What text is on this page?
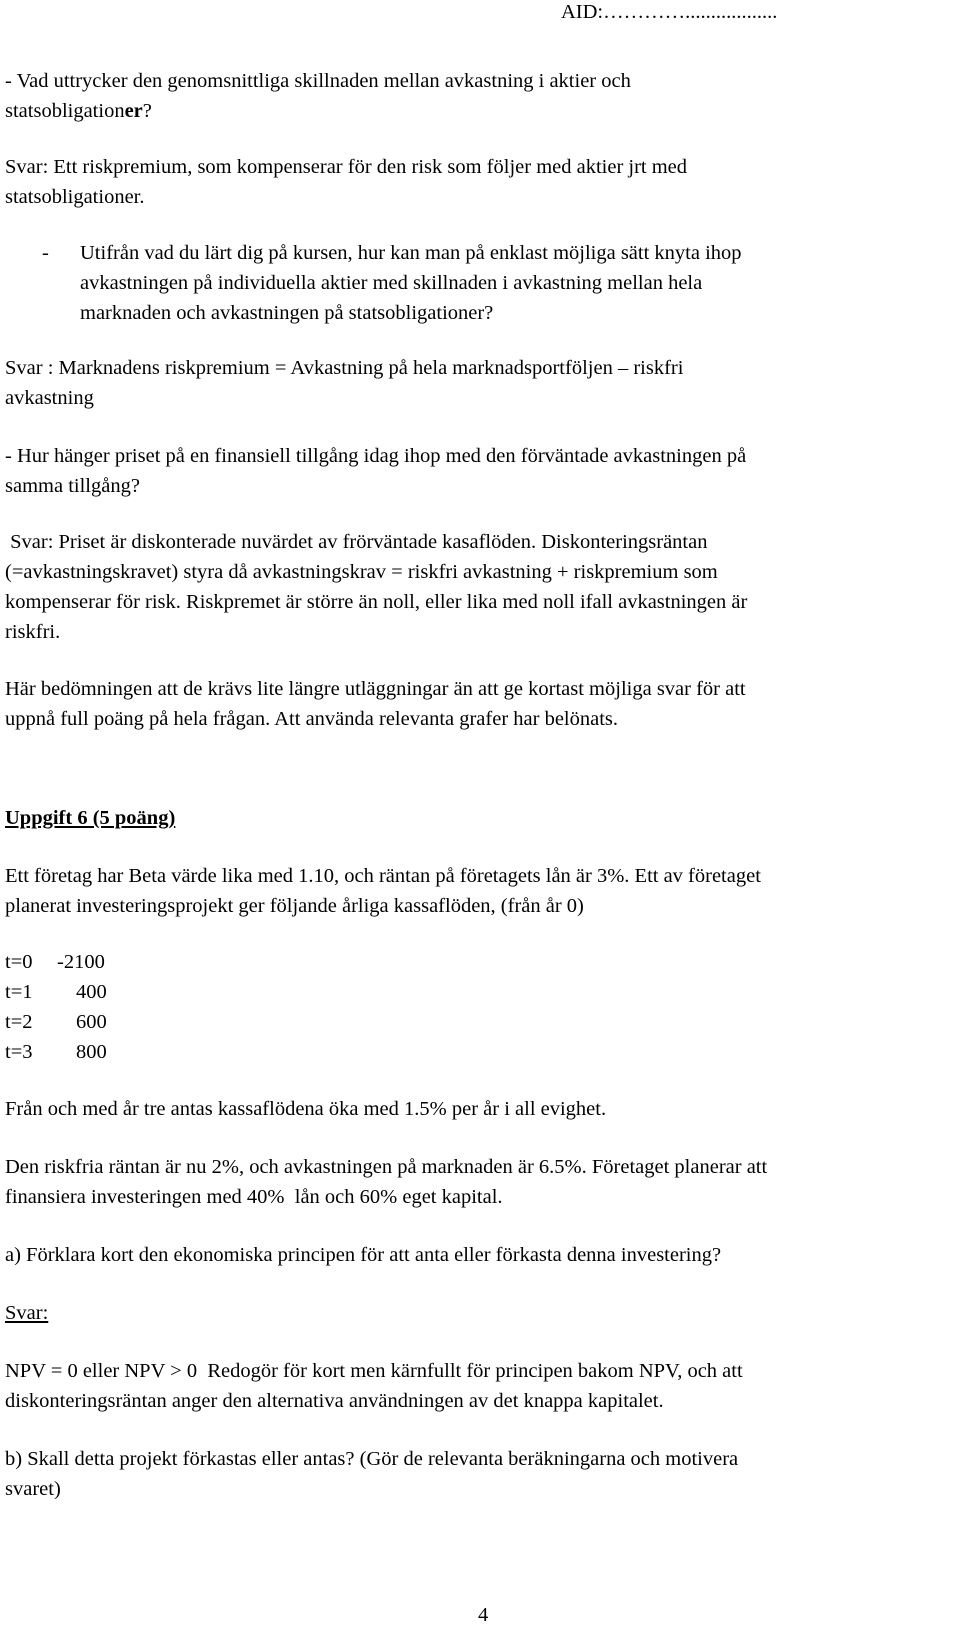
AID:…………..................
- Vad uttrycker den genomsnittliga skillnaden mellan avkastning i aktier och
statsobligationer?
Svar: Ett riskpremium, som kompenserar för den risk som följer med aktier jrt med
statsobligationer.
- Utifrån vad du lärt dig på kursen, hur kan man på enklast möjliga sätt knyta ihop
avkastningen på individuella aktier med skillnaden i avkastning mellan hela
marknaden och avkastningen på statsobligationer?
Svar : Marknadens riskpremium = Avkastning på hela marknadsportföljen – riskfri
avkastning
- Hur hänger priset på en finansiell tillgång idag ihop med den förväntade avkastningen på
samma tillgång?
Svar: Priset är diskonterade nuvärdet av frörväntade kasaflöden. Diskonteringsräntan
(=avkastningskravet) styra då avkastningskrav = riskfri avkastning + riskpremium som
kompenserar för risk. Riskpremet är större än noll, eller lika med noll ifall avkastningen är
riskfri.
Här bedömningen att de krävs lite längre utläggningar än att ge kortast möjliga svar för att
uppnå full poäng på hela frågan. Att använda relevanta grafer har belönats.
Uppgift 6 (5 poäng)
Ett företag har Beta värde lika med 1.10, och räntan på företagets lån är 3%. Ett av företaget
planerat investeringsprojekt ger följande årliga kassaflöden, (från år 0)
t=0 -2100
t=1 400
t=2 600
t=3 800
Från och med år tre antas kassaflödena öka med 1.5% per år i all evighet.
Den riskfria räntan är nu 2%, och avkastningen på marknaden är 6.5%. Företaget planerar att
finansiera investeringen med 40%  lån och 60% eget kapital.
a) Förklara kort den ekonomiska principen för att anta eller förkasta denna investering?
Svar:
NPV = 0 eller NPV > 0  Redogör för kort men kärnfullt för principen bakom NPV, och att
diskonteringsräntan anger den alternativa användningen av det knappa kapitalet.
b) Skall detta projekt förkastas eller antas? (Gör de relevanta beräkningarna och motivera
svaret)
4
